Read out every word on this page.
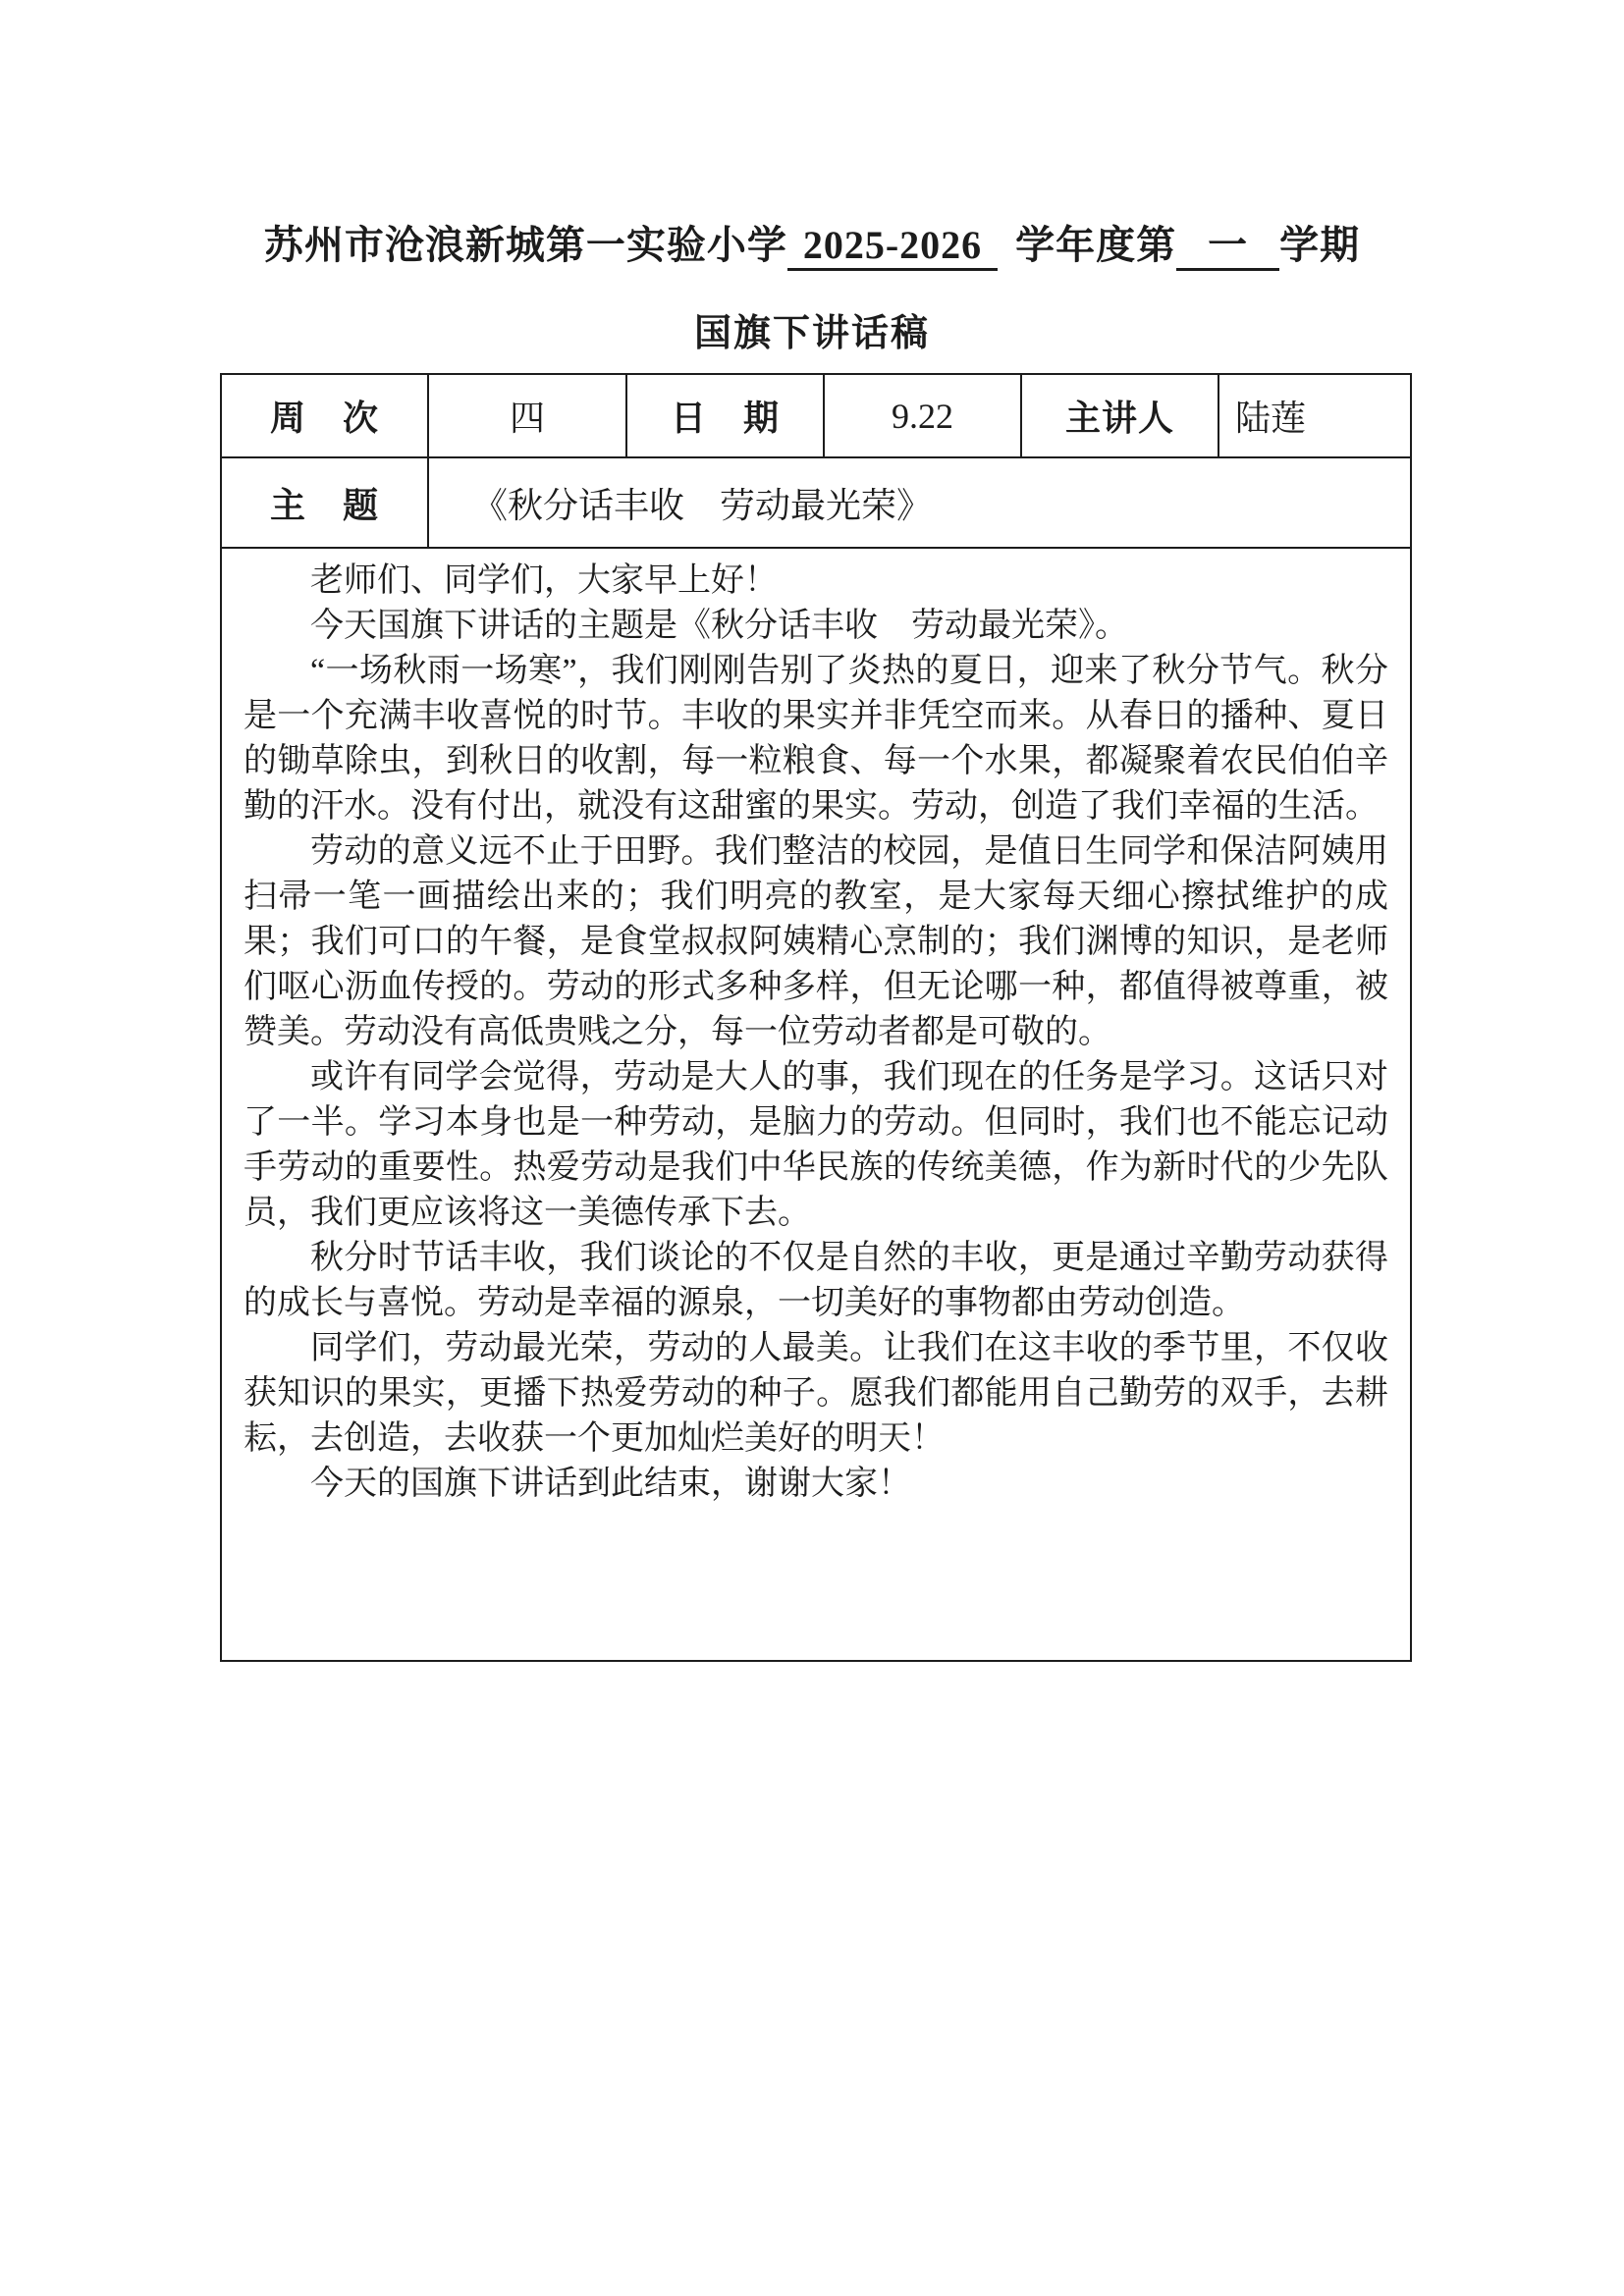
苏州市沧浪新城第一实验小学 2025-2026 学年度第 一 学期
国旗下讲话稿
周　次	四	日　期	9.22	主讲人	陆莲
主　题	《秋分话丰收　劳动最光荣》				

老师们、同学们，大家早上好！

今天国旗下讲话的主题是《秋分话丰收　劳动最光荣》。

“一场秋雨一场寒”，我们刚刚告别了炎热的夏日，迎来了秋分节气。秋分是一个充满丰收喜悦的时节。丰收的果实并非凭空而来。从春日的播种、夏日的锄草除虫，到秋日的收割，每一粒粮食、每一个水果，都凝聚着农民伯伯辛勤的汗水。没有付出，就没有这甜蜜的果实。劳动，创造了我们幸福的生活。

劳动的意义远不止于田野。我们整洁的校园，是值日生同学和保洁阿姨用扫帚一笔一画描绘出来的；我们明亮的教室，是大家每天细心擦拭维护的成果；我们可口的午餐，是食堂叔叔阿姨精心烹制的；我们渊博的知识，是老师们呕心沥血传授的。劳动的形式多种多样，但无论哪一种，都值得被尊重，被赞美。劳动没有高低贵贱之分，每一位劳动者都是可敬的。

或许有同学会觉得，劳动是大人的事，我们现在的任务是学习。这话只对了一半。学习本身也是一种劳动，是脑力的劳动。但同时，我们也不能忘记动手劳动的重要性。热爱劳动是我们中华民族的传统美德，作为新时代的少先队员，我们更应该将这一美德传承下去。

秋分时节话丰收，我们谈论的不仅是自然的丰收，更是通过辛勤劳动获得的成长与喜悦。劳动是幸福的源泉，一切美好的事物都由劳动创造。

同学们，劳动最光荣，劳动的人最美。让我们在这丰收的季节里，不仅收获知识的果实，更播下热爱劳动的种子。愿我们都能用自己勤劳的双手，去耕耘，去创造，去收获一个更加灿烂美好的明天！

今天的国旗下讲话到此结束，谢谢大家！
